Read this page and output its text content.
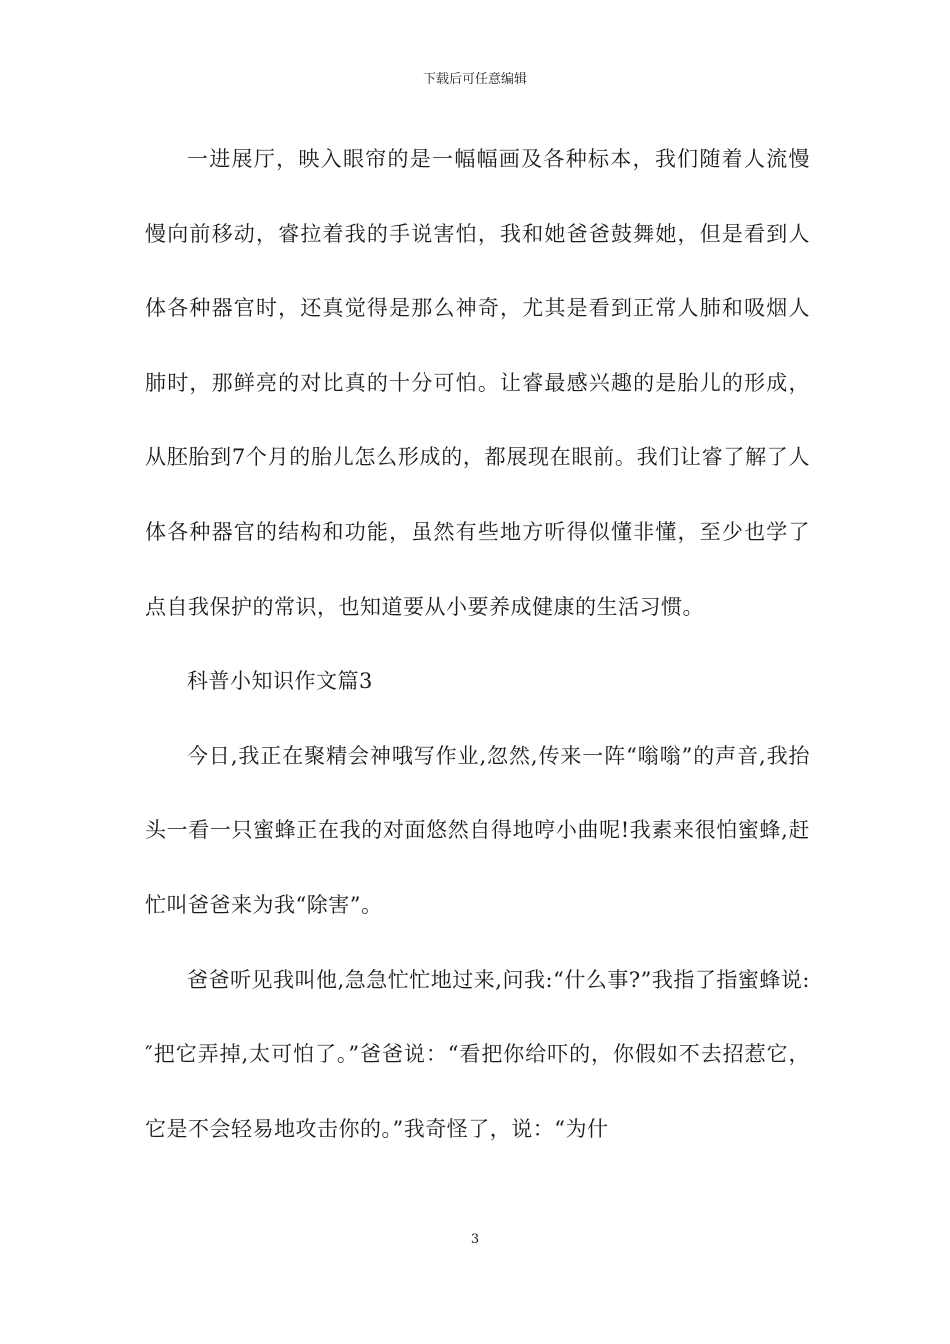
下载后可任意编辑

一进展厅，映入眼帘的是一幅幅画及各种标本，我们随着人流慢慢向前移动，睿拉着我的手说害怕，我和她爸爸鼓舞她，但是看到人体各种器官时，还真觉得是那么神奇，尤其是看到正常人肺和吸烟人肺时，那鲜亮的对比真的十分可怕。让睿最感兴趣的是胎儿的形成，从胚胎到7个月的胎儿怎么形成的，都展现在眼前。我们让睿了解了人体各种器官的结构和功能，虽然有些地方听得似懂非懂，至少也学了点自我保护的常识，也知道要从小要养成健康的生活习惯。

科普小知识作文篇3

今日,我正在聚精会神哦写作业,忽然,传来一阵“嗡嗡”的声音,我抬头一看一只蜜蜂正在我的对面悠然自得地哼小曲呢!我素来很怕蜜蜂,赶忙叫爸爸来为我“除害”。

爸爸听见我叫他,急急忙忙地过来,问我:“什么事?”我指了指蜜蜂说:″把它弄掉,太可怕了。”爸爸说：“看把你给吓的，你假如不去招惹它，它是不会轻易地攻击你的。”我奇怪了，说：“为什

3
